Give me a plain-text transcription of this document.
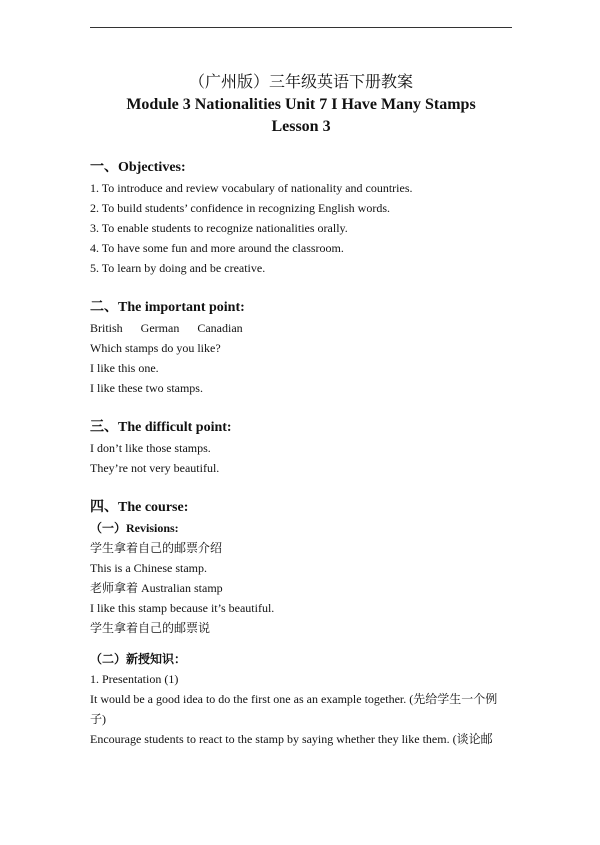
（广州版）三年级英语下册教案

Module 3 Nationalities Unit 7 I Have Many Stamps

Lesson 3

一、Objectives:

1. To introduce and review vocabulary of nationality and countries.

2. To build students’ confidence in recognizing English words.

3. To enable students to recognize nationalities orally.

4. To have some fun and more around the classroom.

5. To learn by doing and be creative.

二、The important point:

British German Canadian

Which stamps do you like?

I like this one.

I like these two stamps.

三、The difficult point:

I don’t like those stamps.

They’re not very beautiful.

四、The course:

（一）Revisions:

学生拿着自己的邮票介绍

This is a Chinese stamp.

老师拿着 Australian stamp

I like this stamp because it’s beautiful.

学生拿着自己的邮票说

（二）新授知识：

1. Presentation (1)

It would be a good idea to do the first one as an example together. (先给学生一个例子)

Encourage students to react to the stamp by saying whether they like them. (谈论邮
